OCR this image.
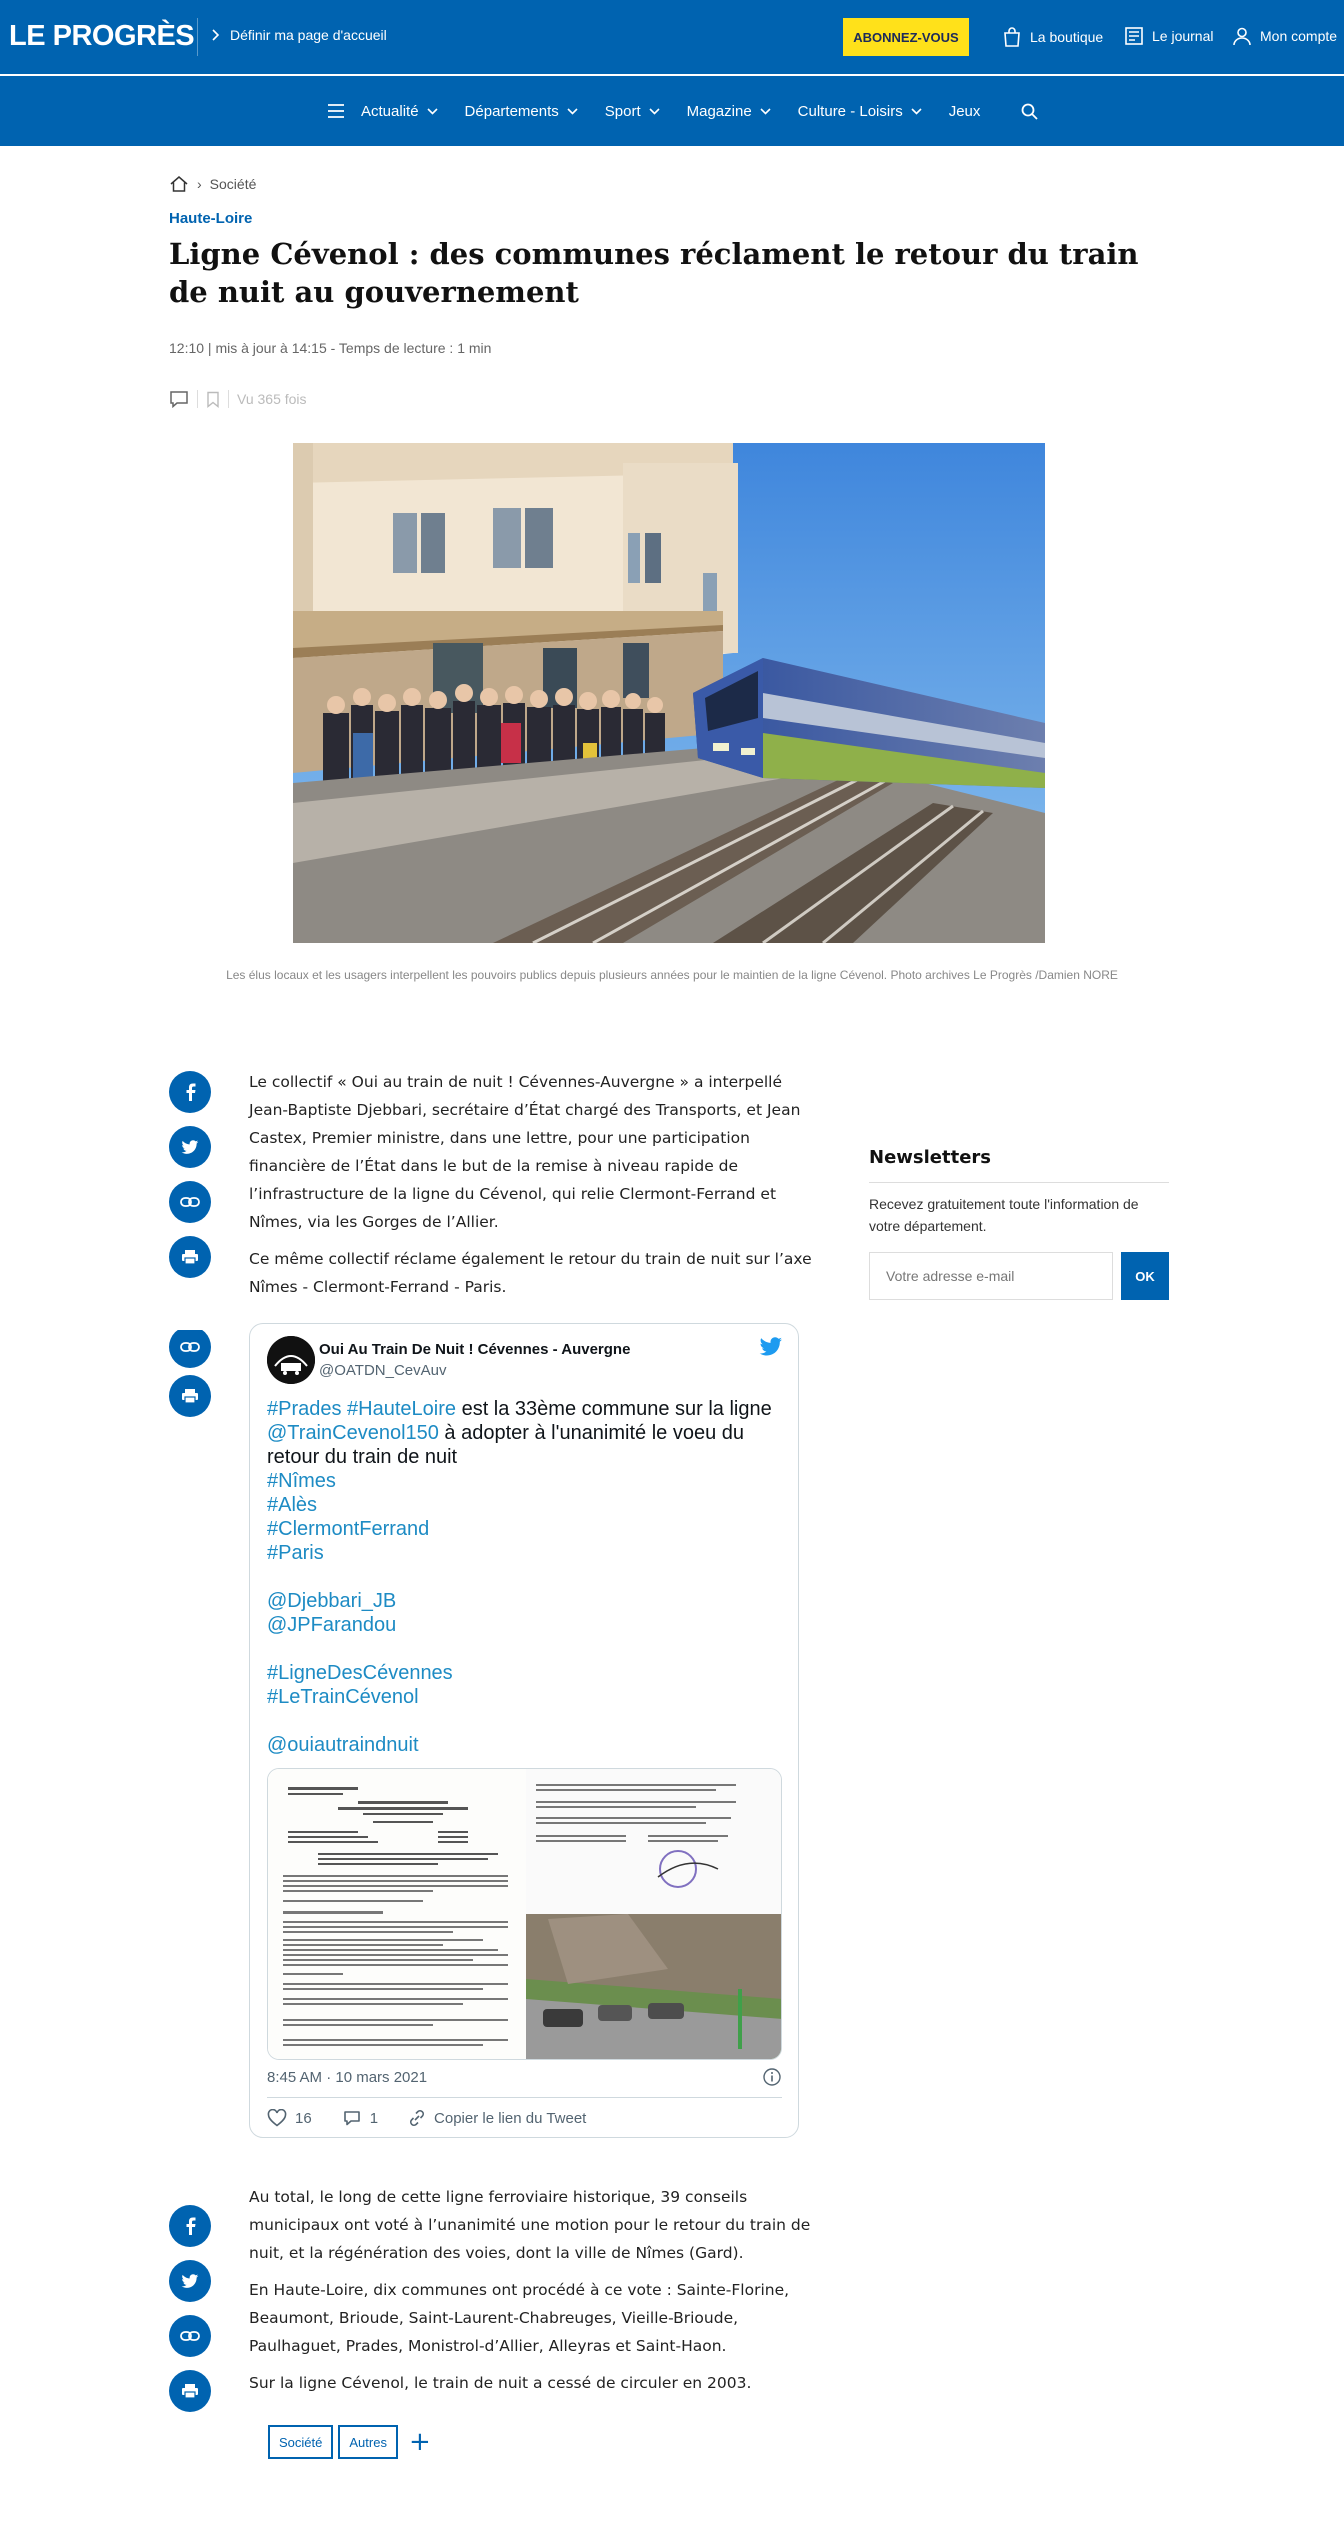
LE PROGRÈS	Définir ma page d'accueil	ABONNEZ-VOUS	La boutique	Le journal	Mon compte
Actualité	Départements	Sport	Magazine	Culture - Loisirs	Jeux
› Société
Haute-Loire
Ligne Cévenol : des communes réclament le retour du train de nuit au gouvernement
12:10 | mis à jour à 14:15 - Temps de lecture : 1 min
Vu 365 fois
Les élus locaux et les usagers interpellent les pouvoirs publics depuis plusieurs années pour le maintien de la ligne Cévenol. Photo archives Le Progrès /Damien NORE

Le collectif « Oui au train de nuit ! Cévennes-Auvergne » a interpellé Jean-Baptiste Djebbari, secrétaire d’État chargé des Transports, et Jean Castex, Premier ministre, dans une lettre, pour une participation financière de l’État dans le but de la remise à niveau rapide de l’infrastructure de la ligne du Cévenol, qui relie Clermont-Ferrand et Nîmes, via les Gorges de l’Allier.

Ce même collectif réclame également le retour du train de nuit sur l’axe Nîmes - Clermont-Ferrand - Paris.

Oui Au Train De Nuit ! Cévennes - Auvergne
@OATDN_CevAuv
#Prades #HauteLoire est la 33ème commune sur la ligne @TrainCevenol150 à adopter à l'unanimité le voeu du retour du train de nuit
#Nîmes
#Alès
#ClermontFerrand
#Paris
@Djebbari_JB
@JPFarandou
#LigneDesCévennes
#LeTrainCévenol
@ouiautraindnuit
8:45 AM · 10 mars 2021
16	1	Copier le lien du Tweet
Newsletters

Recevez gratuitement toute l'information de votre département.

Votre adresse e-mail
OK

Au total, le long de cette ligne ferroviaire historique, 39 conseils municipaux ont voté à l’unanimité une motion pour le retour du train de nuit, et la régénération des voies, dont la ville de Nîmes (Gard).

En Haute-Loire, dix communes ont procédé à ce vote : Sainte-Florine, Beaumont, Brioude, Saint-Laurent-Chabreuges, Vieille-Brioude, Paulhaguet, Prades, Monistrol-d’Allier, Alleyras et Saint-Haon.

Sur la ligne Cévenol, le train de nuit a cessé de circuler en 2003.

Société	Autres +
